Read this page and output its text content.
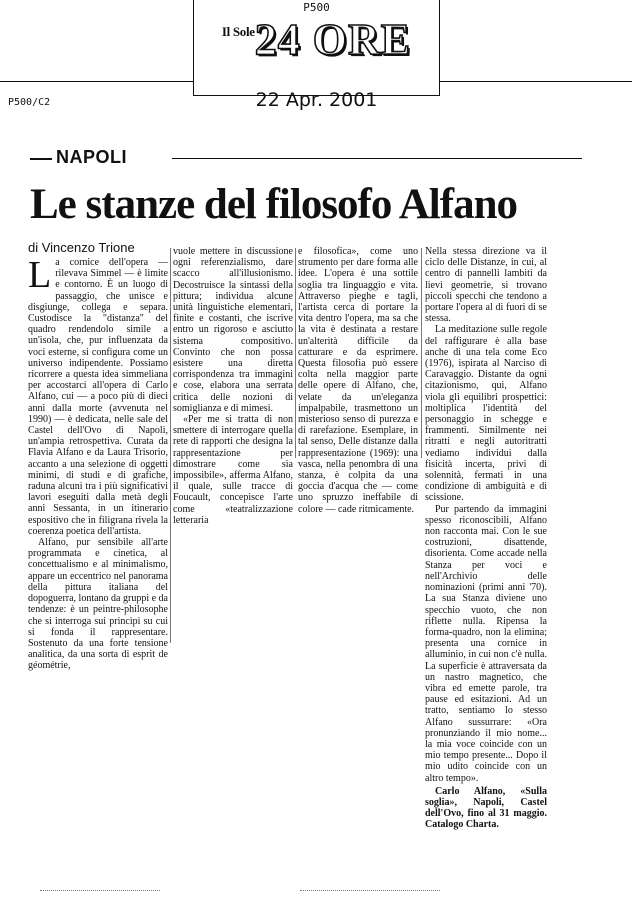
P500
$^{Il Sole}$24 ORE
P500/C2	22 Apr. 2001
NAPOLI
Le stanze del filosofo Alfano
di Vincenzo Trione

La cornice dell'opera — rilevava Simmel — è limite e contorno. È un luogo di passaggio, che unisce e disgiunge, collega e separa. Custodisce la "distanza" del quadro rendendolo simile a un'isola, che, pur influenzata da voci esterne, si configura come un universo indipendente. Possiamo ricorrere a questa idea simmeliana per accostarci all'opera di Carlo Alfano, cui — a poco più di dieci anni dalla morte (avvenuta nel 1990) — è dedicata, nelle sale del Castel dell'Ovo di Napoli, un'ampia retrospettiva. Curata da Flavia Alfano e da Laura Trisorio, accanto a una selezione di oggetti minimi, di studi e di grafiche, raduna alcuni tra i più significativi lavori eseguiti dalla metà degli anni Sessanta, in un itinerario espositivo che in filigrana rivela la coerenza poetica dell'artista.

Alfano, pur sensibile all'arte programmata e cinetica, al concettualismo e al minimalismo, appare un eccentrico nel panorama della pittura italiana del dopoguerra, lontano da gruppi e da tendenze: è un peintre-philosophe che si interroga sui princìpi su cui si fonda il rappresentare. Sostenuto da una forte tensione analitica, da una sorta di esprit de géométrie,

vuole mettere in discussione ogni referenzialismo, dare scacco all'illusionismo. Decostruisce la sintassi della pittura; individua alcune unità linguistiche elementari, finite e costanti, che iscrive entro un rigoroso e asciutto sistema compositivo. Convinto che non possa esistere una diretta corrispondenza tra immagini e cose, elabora una serrata critica delle nozioni di somiglianza e di mimesi.

«Per me si tratta di non smettere di interrogare quella rete di rapporti che designa la rappresentazione per dimostrare come sia impossibile», afferma Alfano, il quale, sulle tracce di Foucault, concepisce l'arte come «teatralizzazione letteraria

e filosofica», come uno strumento per dare forma alle idee. L'opera è una sottile soglia tra linguaggio e vita. Attraverso pieghe e tagli, l'artista cerca di portare la vita dentro l'opera, ma sa che la vita è destinata a restare un'alterità difficile da catturare e da esprimere. Questa filosofia può essere colta nella maggior parte delle opere di Alfano, che, velate da un'eleganza impalpabile, trasmettono un misterioso senso di purezza e di rarefazione. Esemplare, in tal senso, Delle distanze dalla rappresentazione (1969): una vasca, nella penombra di una stanza, è colpita da una goccia d'acqua che — come uno spruzzo ineffabile di colore — cade ritmicamente.

Nella stessa direzione va il ciclo delle Distanze, in cui, al centro di pannelli lambiti da lievi geometrie, si trovano piccoli specchi che tendono a portare l'opera al di fuori di se stessa.

La meditazione sulle regole del raffigurare è alla base anche di una tela come Eco (1976), ispirata al Narciso di Caravaggio. Distante da ogni citazionismo, qui, Alfano viola gli equilibri prospettici: moltiplica l'identità del personaggio in schegge e frammenti. Similmente nei ritratti e negli autoritratti vediamo individui dalla fisicità incerta, privi di solennità, fermati in una condizione di ambiguità e di scissione.

Pur partendo da immagini spesso riconoscibili, Alfano non racconta mai. Con le sue costruzioni, disattende, disorienta. Come accade nella Stanza per voci e nell'Archivio delle nominazioni (primi anni '70). La sua Stanza diviene uno specchio vuoto, che non riflette nulla. Ripensa la forma-quadro, non la elimina; presenta una cornice in alluminio, in cui non c'è nulla. La superficie è attraversata da un nastro magnetico, che vibra ed emette parole, tra pause ed esitazioni. Ad un tratto, sentiamo lo stesso Alfano sussurrare: «Ora pronunziando il mio nome... la mia voce coincide con un mio tempo presente... Dopo il mio udito coincide con un altro tempo».

Carlo Alfano, «Sulla soglia», Napoli, Castel dell'Ovo, fino al 31 maggio. Catalogo Charta.
